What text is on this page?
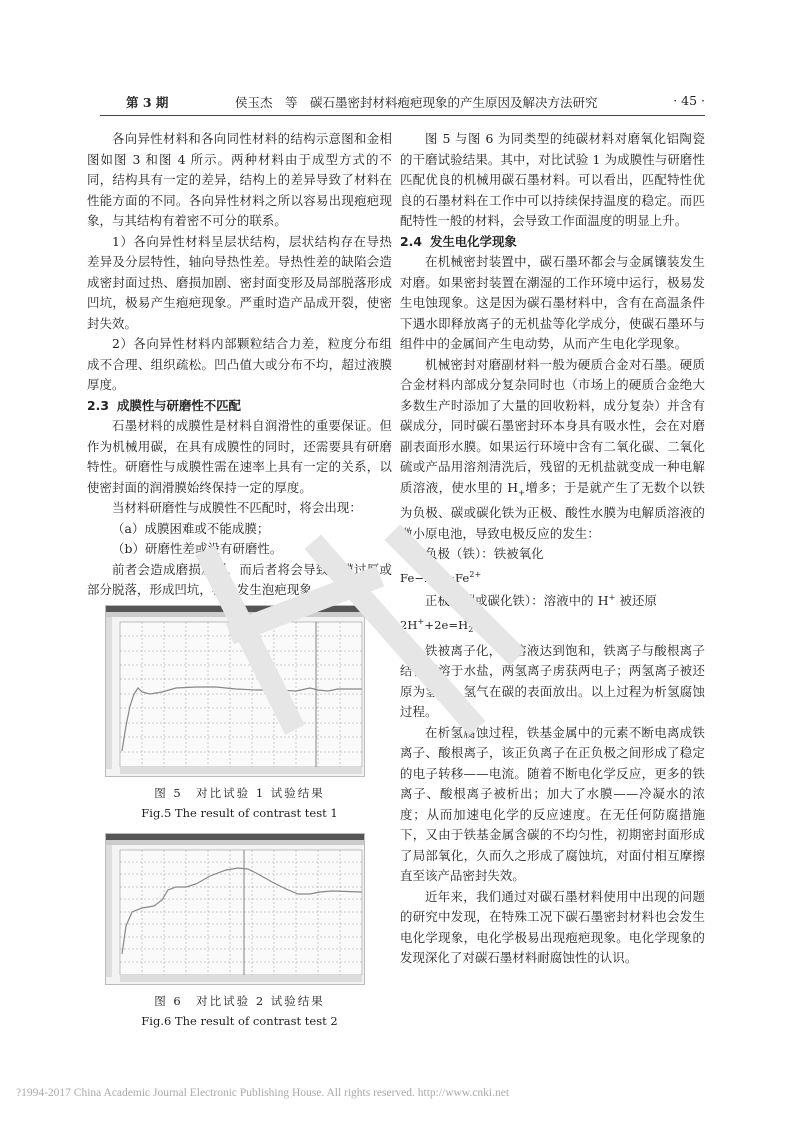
第 3 期	侯玉杰　等　碳石墨密封材料疱疤现象的产生原因及解决方法研究	· 45 ·

各向异性材料和各向同性材料的结构示意图和金相图如图 3 和图 4 所示。两种材料由于成型方式的不同，结构具有一定的差异，结构上的差异导致了材料在性能方面的不同。各向异性材料之所以容易出现疱疤现象，与其结构有着密不可分的联系。

1）各向异性材料呈层状结构，层状结构存在导热差异及分层特性，轴向导热性差。导热性差的缺陷会造成密封面过热、磨损加剧、密封面变形及局部脱落形成凹坑，极易产生疱疤现象。严重时造产品成开裂，使密封失效。

2）各向异性材料内部颗粒结合力差，粒度分布组成不合理、组织疏松。凹凸值大或分布不均，超过液膜厚度。

2.3 成膜性与研磨性不匹配

石墨材料的成膜性是材料自润滑性的重要保证。但作为机械用碳，在具有成膜性的同时，还需要具有研磨特性。研磨性与成膜性需在速率上具有一定的关系，以使密封面的润滑膜始终保持一定的厚度。

当材料研磨性与成膜性不匹配时，将会出现：

（a）成膜困难或不能成膜；

（b）研磨性差或没有研磨性。

前者会造成磨损加剧，而后者将会导致成膜过厚或部分脱落，形成凹坑，极易发生泡疤现象。

图 5　对比试验 1 试验结果
Fig.5 The result of contrast test 1
图 6　对比试验 2 试验结果
Fig.6 The result of contrast test 2

图 5 与图 6 为同类型的纯碳材料对磨氧化铝陶瓷的干磨试验结果。其中，对比试验 1 为成膜性与研磨性匹配优良的机械用碳石墨材料。可以看出，匹配特性优良的石墨材料在工作中可以持续保持温度的稳定。而匹配特性一般的材料，会导致工作面温度的明显上升。

2.4 发生电化学现象

在机械密封装置中，碳石墨环都会与金属镶装发生对磨。如果密封装置在潮湿的工作环境中运行，极易发生电蚀现象。这是因为碳石墨材料中，含有在高温条件下遇水即释放离子的无机盐等化学成分，使碳石墨环与组件中的金属间产生电动势，从而产生电化学现象。

机械密封对磨副材料一般为硬质合金对石墨。硬质合金材料内部成分复杂同时也（市场上的硬质合金绝大多数生产时添加了大量的回收粉料，成分复杂）并含有碳成分，同时碳石墨密封环本身具有吸水性，会在对磨副表面形水膜。如果运行环境中含有二氧化碳、二氧化硫或产品用溶剂清洗后，残留的无机盐就变成一种电解质溶液，使水里的 $H_+$增多；于是就产生了无数个以铁为负极、碳或碳化铁为正极、酸性水膜为电解质溶液的微小原电池，导致电极反应的发生：

负极（铁）：铁被氧化

$Fe-2e^-=Fe^{2+}$

正极（碳或碳化铁）：溶液中的 H+ 被还原

$2H^++2e=H_2$ ↑

铁被离子化，当溶液达到饱和，铁离子与酸根离子结合不溶于水盐，两氢离子虏获两电子；两氢离子被还原为氢气；氢气在碳的表面放出。以上过程为析氢腐蚀过程。

在析氢腐蚀过程，铁基金属中的元素不断电离成铁离子、酸根离子，该正负离子在正负极之间形成了稳定的电子转移——电流。随着不断电化学反应，更多的铁离子、酸根离子被析出；加大了水膜——冷凝水的浓度；从而加速电化学的反应速度。在无任何防腐措施下，又由于铁基金属含碳的不均匀性，初期密封面形成了局部氧化，久而久之形成了腐蚀坑，对面付相互摩擦直至该产品密封失效。

近年来，我们通过对碳石墨材料使用中出现的问题的研究中发现，在特殊工况下碳石墨密封材料也会发生电化学现象，电化学极易出现疱疤现象。电化学现象的发现深化了对碳石墨材料耐腐蚀性的认识。

?1994-2017 China Academic Journal Electronic Publishing House. All rights reserved. http://www.cnki.net
